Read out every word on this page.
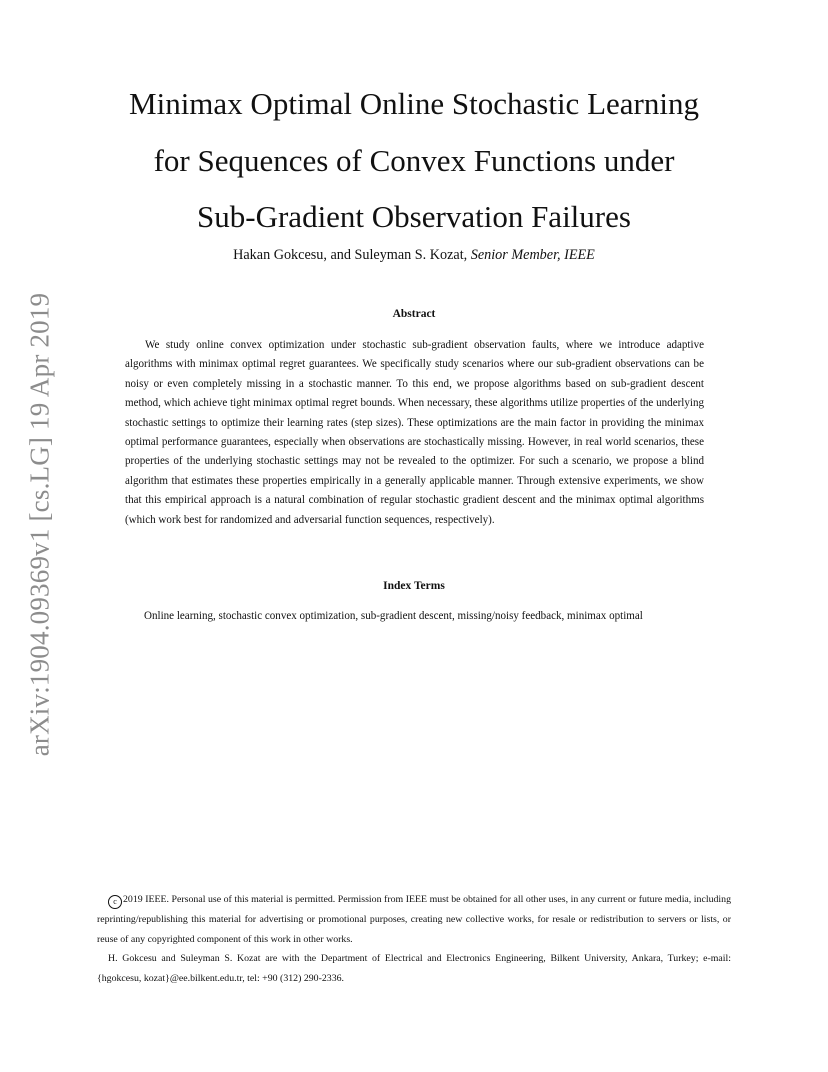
arXiv:1904.09369v1 [cs.LG] 19 Apr 2019
Minimax Optimal Online Stochastic Learning
for Sequences of Convex Functions under
Sub-Gradient Observation Failures
Hakan Gokcesu, and Suleyman S. Kozat, Senior Member, IEEE
Abstract

We study online convex optimization under stochastic sub-gradient observation faults, where we introduce adaptive algorithms with minimax optimal regret guarantees. We specifically study scenarios where our sub-gradient observations can be noisy or even completely missing in a stochastic manner. To this end, we propose algorithms based on sub-gradient descent method, which achieve tight minimax optimal regret bounds. When necessary, these algorithms utilize properties of the underlying stochastic settings to optimize their learning rates (step sizes). These optimizations are the main factor in providing the minimax optimal performance guarantees, especially when observations are stochastically missing. However, in real world scenarios, these properties of the underlying stochastic settings may not be revealed to the optimizer. For such a scenario, we propose a blind algorithm that estimates these properties empirically in a generally applicable manner. Through extensive experiments, we show that this empirical approach is a natural combination of regular stochastic gradient descent and the minimax optimal algorithms (which work best for randomized and adversarial function sequences, respectively).

Index Terms
Online learning, stochastic convex optimization, sub-gradient descent, missing/noisy feedback, minimax optimal

c 2019 IEEE. Personal use of this material is permitted. Permission from IEEE must be obtained for all other uses, in any current or future media, including reprinting/republishing this material for advertising or promotional purposes, creating new collective works, for resale or redistribution to servers or lists, or reuse of any copyrighted component of this work in other works.

H. Gokcesu and Suleyman S. Kozat are with the Department of Electrical and Electronics Engineering, Bilkent University, Ankara, Turkey; e-mail: {hgokcesu, kozat}@ee.bilkent.edu.tr, tel: +90 (312) 290-2336.
